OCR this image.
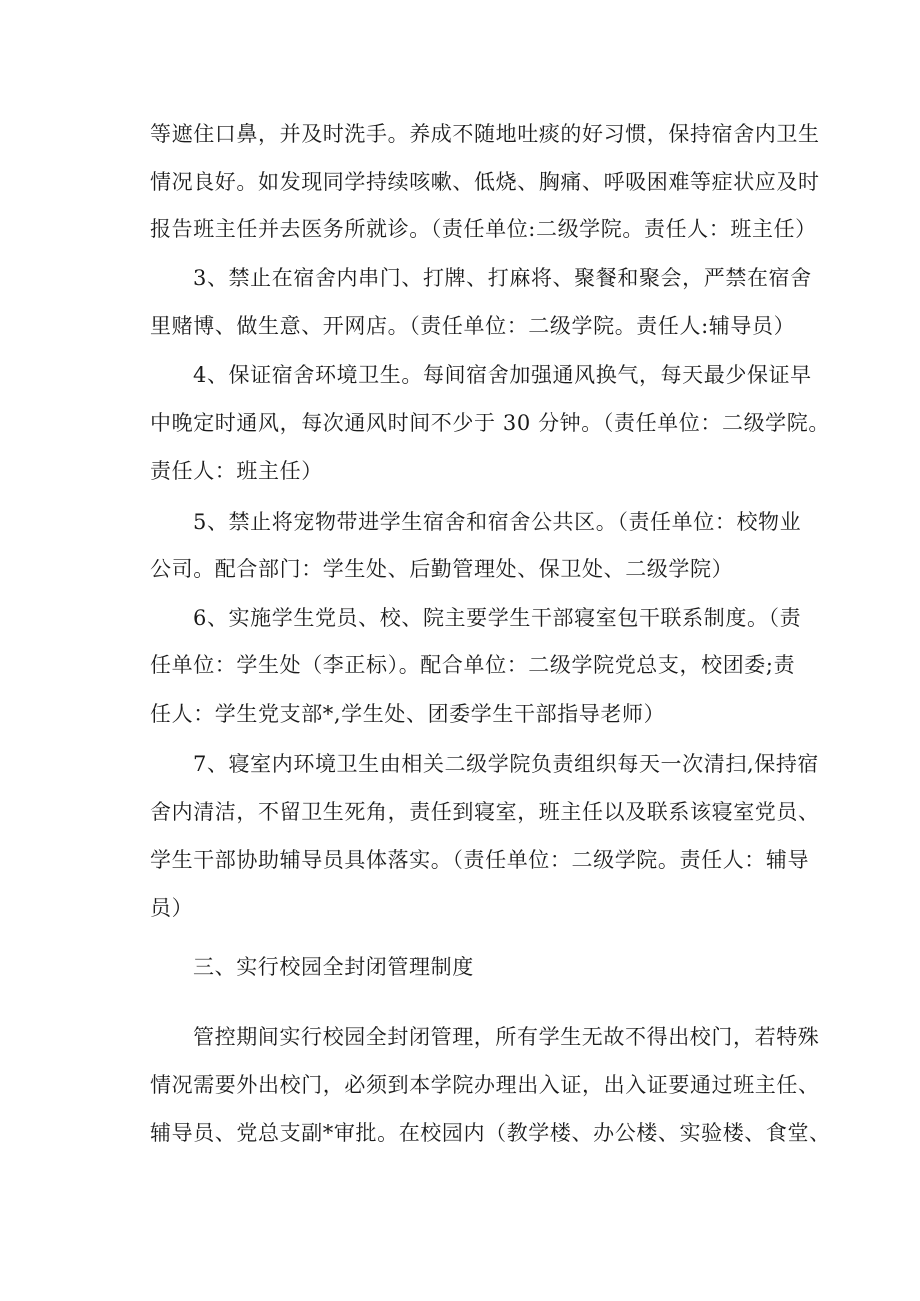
等遮住口鼻，并及时洗手。养成不随地吐痰的好习惯，保持宿舍内卫生
情况良好。如发现同学持续咳嗽、低烧、胸痛、呼吸困难等症状应及时
报告班主任并去医务所就诊。（责任单位:二级学院。责任人：班主任）
3、禁止在宿舍内串门、打牌、打麻将、聚餐和聚会，严禁在宿舍
里赌博、做生意、开网店。（责任单位：二级学院。责任人:辅导员）
4、保证宿舍环境卫生。每间宿舍加强通风换气，每天最少保证早
中晚定时通风，每次通风时间不少于 30 分钟。（责任单位：二级学院。
责任人：班主任）
5、禁止将宠物带进学生宿舍和宿舍公共区。（责任单位：校物业
公司。配合部门：学生处、后勤管理处、保卫处、二级学院）
6、实施学生党员、校、院主要学生干部寝室包干联系制度。（责
任单位：学生处（李正标）。配合单位：二级学院党总支，校团委;责
任人：学生党支部*,学生处、团委学生干部指导老师）
7、寝室内环境卫生由相关二级学院负责组织每天一次清扫,保持宿
舍内清洁，不留卫生死角，责任到寝室，班主任以及联系该寝室党员、
学生干部协助辅导员具体落实。（责任单位：二级学院。责任人：辅导
员）
三、实行校园全封闭管理制度
管控期间实行校园全封闭管理，所有学生无故不得出校门，若特殊
情况需要外出校门，必须到本学院办理出入证，出入证要通过班主任、
辅导员、党总支副*审批。在校园内（教学楼、办公楼、实验楼、食堂、
